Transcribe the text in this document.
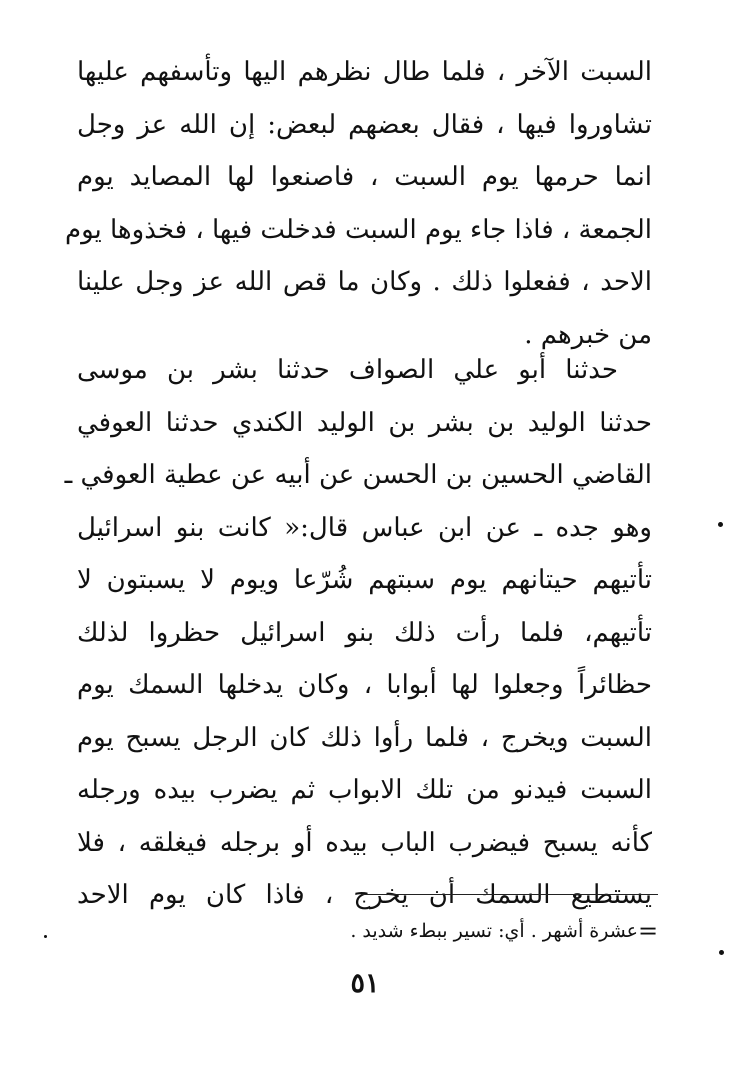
السبت الآخر ، فلما طال نظرهم اليها وتأسفهم عليها
تشاوروا فيها ، فقال بعضهم لبعض: إن الله عز وجل
انما حرمها يوم السبت ، فاصنعوا لها المصايد يوم
الجمعة ، فاذا جاء يوم السبت فدخلت فيها ، فخذوها يوم
الاحد ، ففعلوا ذلك . وكان ما قص الله عز وجل علينا
من خبرهم .
حدثنا أبو علي الصواف حدثنا بشر بن موسى
حدثنا الوليد بن بشر بن الوليد الكندي حدثنا العوفي
القاضي الحسين بن الحسن عن أبيه عن عطية العوفي ـ
وهو جده ـ عن ابن عباس قال:« كانت بنو اسرائيل
تأتيهم حيتانهم يوم سبتهم شُرّعا ويوم لا يسبتون لا
تأتيهم، فلما رأت ذلك بنو اسرائيل حظروا لذلك
حظائراً وجعلوا لها أبوابا ، وكان يدخلها السمك يوم
السبت ويخرج ، فلما رأوا ذلك كان الرجل يسبح يوم
السبت فيدنو من تلك الابواب ثم يضرب بيده ورجله
كأنه يسبح فيضرب الباب بيده أو برجله فيغلقه ، فلا
يستطيع السمك أن يخرج ، فاذا كان يوم الاحد
=
عشرة أشهر . أي: تسير ببطء شديد .
٥١
